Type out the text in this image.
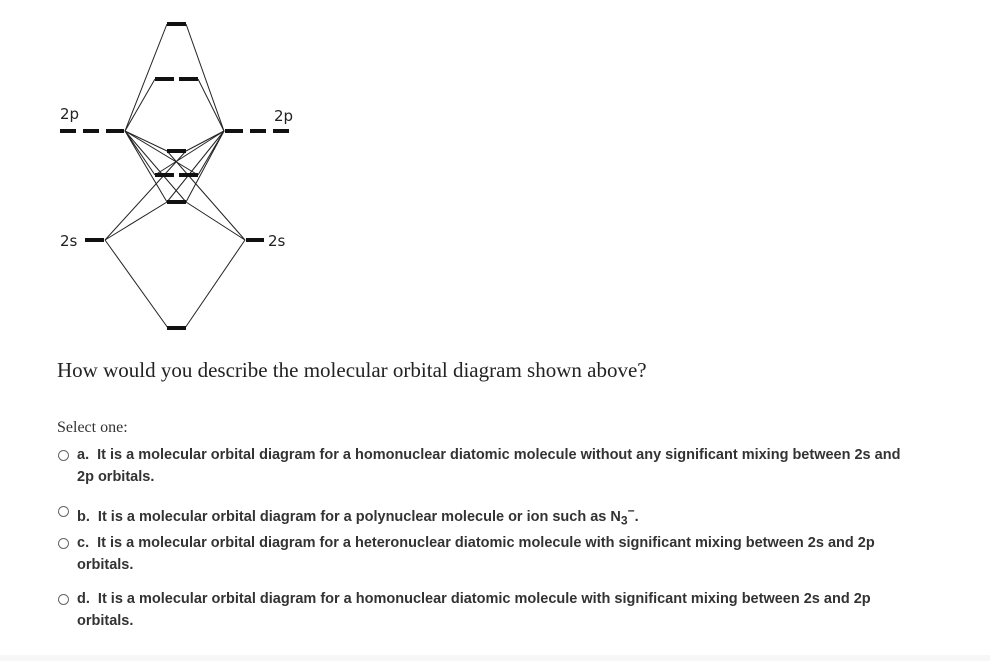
2p	2p
2s	2s
How would you describe the molecular orbital diagram shown above?
Select one:
a. It is a molecular orbital diagram for a homonuclear diatomic molecule without any significant mixing between 2s and 2p orbitals.
b. It is a molecular orbital diagram for a polynuclear molecule or ion such as $N_3^-$.
c. It is a molecular orbital diagram for a heteronuclear diatomic molecule with significant mixing between 2s and 2p orbitals.
d. It is a molecular orbital diagram for a homonuclear diatomic molecule with significant mixing between 2s and 2p orbitals.
